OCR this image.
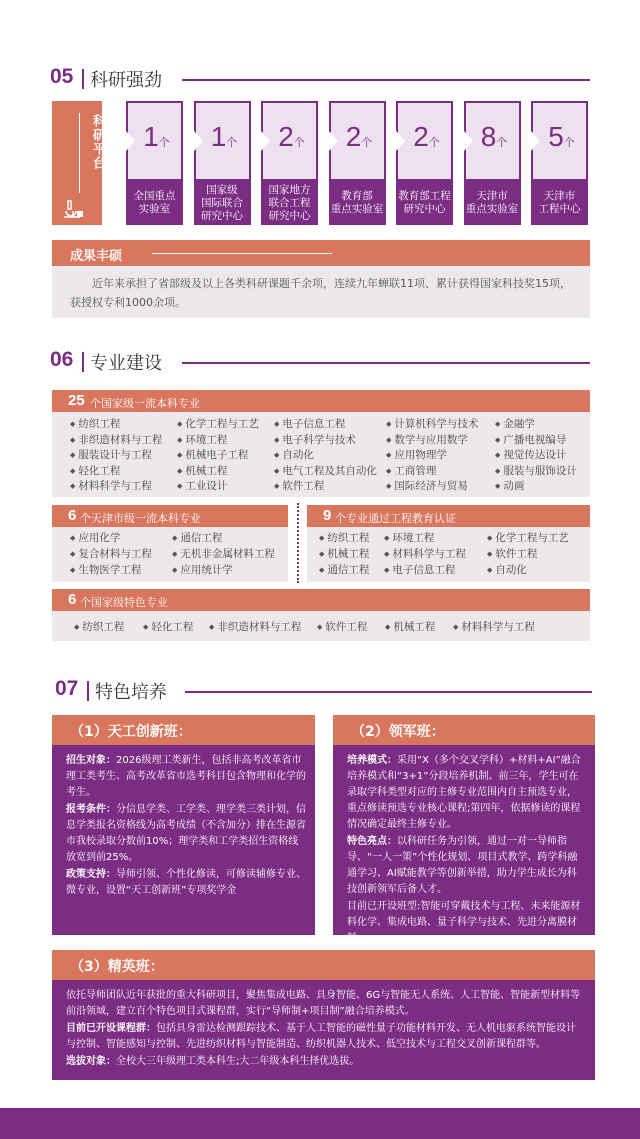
05 科研强劲
科研平台	1个
全国重点
实验室
1个
国家级
国际联合
研究中心
2个
国家地方
联合工程
研究中心
2个
教育部
重点实验室
2个
教育部工程
研究中心
8个
天津市
重点实验室
5个
天津市
工程中心
成果丰硕
近年来承担了省部级及以上各类科研课题千余项，连续九年蝉联11项、累计获得国家科技奖15项，获授权专利1000余项。
06 专业建设
25 个国家级一流本科专业
◆ 纺织工程	◆ 化学工程与工艺	◆ 电子信息工程	◆ 计算机科学与技术	◆ 金融学
◆ 非织造材料与工程	◆ 环境工程	◆ 电子科学与技术	◆ 数学与应用数学	◆ 广播电视编导
◆ 服装设计与工程	◆ 机械电子工程	◆ 自动化	◆ 应用物理学	◆ 视觉传达设计
◆ 轻化工程	◆ 机械工程	◆ 电气工程及其自动化	◆ 工商管理	◆ 服装与服饰设计
◆ 材料科学与工程	◆ 工业设计	◆ 软件工程	◆ 国际经济与贸易	◆ 动画
6 个天津市级一流本科专业
◆ 应用化学	◆ 通信工程
◆ 复合材料与工程	◆ 无机非金属材料工程
◆ 生物医学工程	◆ 应用统计学
9 个专业通过工程教育认证
◆ 纺织工程	◆ 环境工程	◆ 化学工程与工艺
◆ 机械工程	◆ 材料科学与工程	◆ 软件工程
◆ 通信工程	◆ 电子信息工程	◆ 自动化
6 个国家级特色专业
◆ 纺织工程	◆ 轻化工程	◆ 非织造材料与工程	◆ 软件工程	◆ 机械工程	◆ 材料科学与工程
07 特色培养
（1）天工创新班：

招生对象：2026级理工类新生，包括非高考改革省市理工类考生、高考改革省市选考科目包含物理和化学的考生。

报考条件：分信息学类、工学类、理学类三类计划，信息学类报名资格线为高考成绩（不含加分）排在生源省市我校录取分数前10%；理学类和工学类招生资格线放宽到前25%。

政策支持：导师引领、个性化修读，可修读辅修专业、微专业，设置“天工创新班”专项奖学金

（2）领军班：

培养模式：采用“X（多个交叉学科）+材料+AI”融合培养模式和“3+1”分段培养机制。前三年，学生可在录取学科类型对应的主修专业范围内自主预选专业，重点修读预选专业核心课程;第四年，依据修读的课程情况确定最终主修专业。

特色亮点：以科研任务为引领，通过一对一导师指导、“一人一策”个性化规划、项目式教学、跨学科融通学习、AI赋能教学等创新举措，助力学生成长为科技创新领军后备人才。

目前已开设班型:智能可穿戴技术与工程、未来能源材料化学、集成电路、量子科学与技术、先进分离膜材料。

（3）精英班：

依托导师团队近年获批的重大科研项目，聚焦集成电路、具身智能、6G与智能无人系统、人工智能、智能新型材料等前沿领域，建立百个特色项目式课程群，实行“导师制+项目制”融合培养模式。

目前已开设课程群：包括具身雷达检测跟踪技术、基于人工智能的磁性量子功能材料开发、无人机电驱系统智能设计与控制、智能感知与控制、先进纺织材料与智能制造、纺织机器人技术、低空技术与工程交叉创新课程群等。

选拔对象：全校大三年级理工类本科生;大二年级本科生择优选拔。
